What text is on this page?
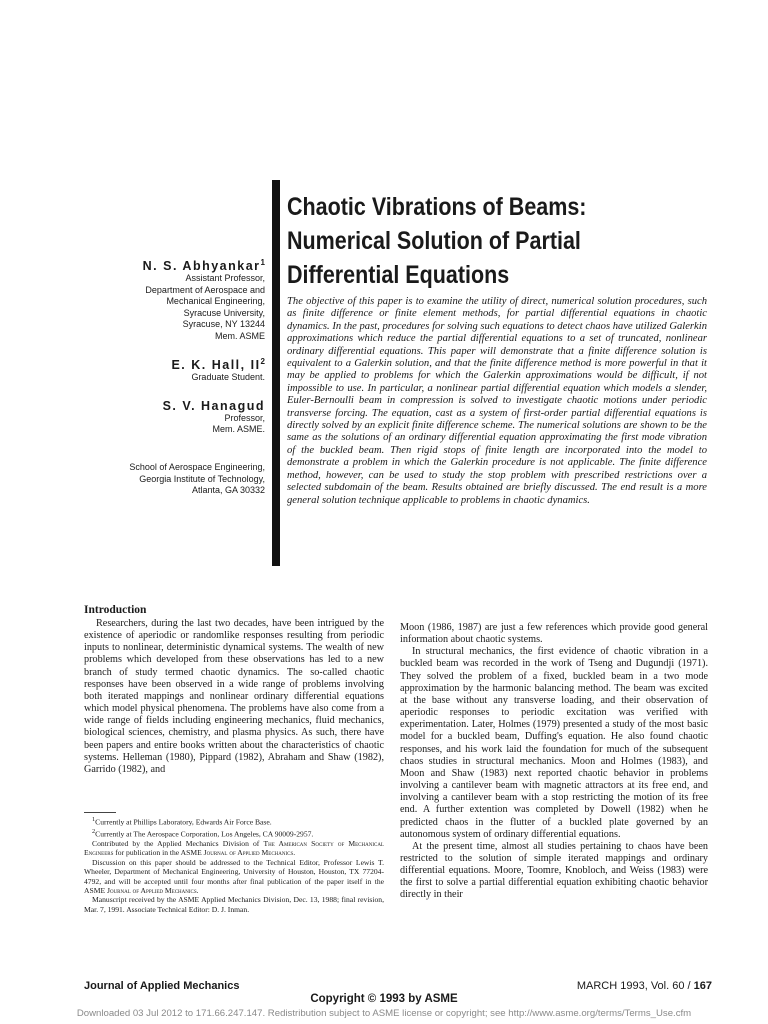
N. S. Abhyankar$^1$

Assistant Professor,

Department of Aerospace and

Mechanical Engineering,

Syracuse University,

Syracuse, NY 13244

Mem. ASME

E. K. Hall, $II^2$

Graduate Student.

S. V. Hanagud

Professor,

Mem. ASME.

School of Aerospace Engineering,
Georgia Institute of Technology,
Atlanta, GA 30332
Chaotic Vibrations of Beams:
Numerical Solution of Partial
Differential Equations

The objective of this paper is to examine the utility of direct, numerical solution procedures, such as finite difference or finite element methods, for partial differential equations in chaotic dynamics. In the past, procedures for solving such equations to detect chaos have utilized Galerkin approximations which reduce the partial differential equations to a set of truncated, nonlinear ordinary differential equations. This paper will demonstrate that a finite difference solution is equivalent to a Galerkin solution, and that the finite difference method is more powerful in that it may be applied to problems for which the Galerkin approximations would be difficult, if not impossible to use. In particular, a nonlinear partial differential equation which models a slender, Euler-Bernoulli beam in compression is solved to investigate chaotic motions under periodic transverse forcing. The equation, cast as a system of first-order partial differential equations is directly solved by an explicit finite difference scheme. The numerical solutions are shown to be the same as the solutions of an ordinary differential equation approximating the first mode vibration of the buckled beam. Then rigid stops of finite length are incorporated into the model to demonstrate a problem in which the Galerkin procedure is not applicable. The finite difference method, however, can be used to study the stop problem with prescribed restrictions over a selected subdomain of the beam. Results obtained are briefly discussed. The end result is a more general solution technique applicable to problems in chaotic dynamics.

Introduction

Researchers, during the last two decades, have been intrigued by the existence of aperiodic or randomlike responses resulting from periodic inputs to nonlinear, deterministic dynamical systems. The wealth of new problems which developed from these observations has led to a new branch of study termed chaotic dynamics. The so-called chaotic responses have been observed in a wide range of problems involving both iterated mappings and nonlinear ordinary differential equations which model physical phenomena. The problems have also come from a wide range of fields including engineering mechanics, fluid mechanics, biological sciences, chemistry, and plasma physics. As such, there have been papers and entire books written about the characteristics of chaotic systems. Helleman (1980), Pippard (1982), Abraham and Shaw (1982), Garrido (1982), and

Moon (1986, 1987) are just a few references which provide good general information about chaotic systems.

In structural mechanics, the first evidence of chaotic vibration in a buckled beam was recorded in the work of Tseng and Dugundji (1971). They solved the problem of a fixed, buckled beam in a two mode approximation by the harmonic balancing method. The beam was excited at the base without any transverse loading, and their observation of aperiodic responses to periodic excitation was verified with experimentation. Later, Holmes (1979) presented a study of the most basic model for a buckled beam, Duffing's equation. He also found chaotic responses, and his work laid the foundation for much of the subsequent chaos studies in structural mechanics. Moon and Holmes (1983), and Moon and Shaw (1983) next reported chaotic behavior in problems involving a cantilever beam with magnetic attractors at its free end, and involving a cantilever beam with a stop restricting the motion of its free end. A further extention was completed by Dowell (1982) when he predicted chaos in the flutter of a buckled plate governed by an autonomous system of ordinary differential equations.

At the present time, almost all studies pertaining to chaos have been restricted to the solution of simple iterated mappings and ordinary differential equations. Moore, Toomre, Knobloch, and Weiss (1983) were the first to solve a partial differential equation exhibiting chaotic behavior directly in their

$^1$Currently at Phillips Laboratory, Edwards Air Force Base.

$^2$Currently at The Aerospace Corporation, Los Angeles, CA 90009-2957.

Contributed by the Applied Mechanics Division of The American Society of Mechanical Engineers for publication in the ASME Journal of Applied Mechanics.

Discussion on this paper should be addressed to the Technical Editor, Professor Lewis T. Wheeler, Department of Mechanical Engineering, University of Houston, Houston, TX 77204-4792, and will be accepted until four months after final publication of the paper itself in the ASME Journal of Applied Mechanics.

Manuscript received by the ASME Applied Mechanics Division, Dec. 13, 1988; final revision, Mar. 7, 1991. Associate Technical Editor: D. J. Inman.

Journal of Applied Mechanics	MARCH 1993, Vol. 60 / 167
Copyright © 1993 by ASME
Downloaded 03 Jul 2012 to 171.66.247.147. Redistribution subject to ASME license or copyright; see http://www.asme.org/terms/Terms_Use.cfm
